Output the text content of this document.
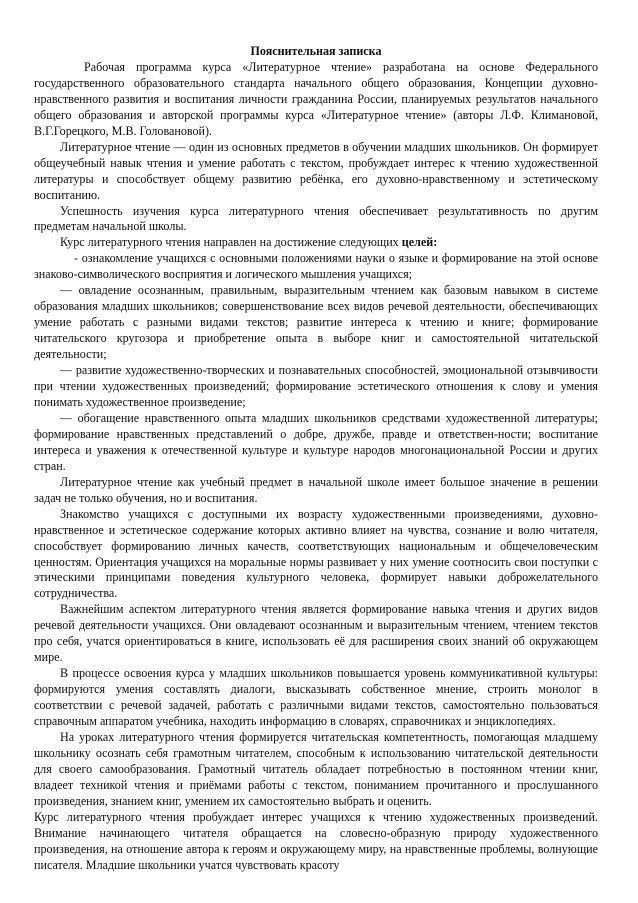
Пояснительная записка

Рабочая программа курса «Литературное чтение» разработана на основе Федерального государственного образовательного стандарта начального общего образования, Концепции духовно-нравственного развития и воспитания личности гражданина России, планируемых результатов начального общего образования и авторской программы курса «Литературное чтение» (авторы Л.Ф. Климановой, В.Г.Горецкого, М.В. Головановой).

Литературное чтение — один из основных предметов в обучении младших школьников. Он формирует общеучебный навык чтения и умение работать с текстом, пробуждает интерес к чтению художественной литературы и способствует общему развитию ребёнка, его духовно-нравственному и эстетическому воспитанию.

Успешность изучения курса литературного чтения обеспечивает результативность по другим предметам начальной школы.

Курс литературного чтения направлен на достижение следующих целей:

- ознакомление учащихся с основными положениями науки о языке и формирование на этой основе знаково-символического восприятия и логического мышления учащихся;

— овладение осознанным, правильным, выразительным чтением как базовым навыком в системе образования младших школьников; совершенствование всех видов речевой деятельности, обеспечивающих умение работать с разными видами текстов; развитие интереса к чтению и книге; формирование читательского кругозора и приобретение опыта в выборе книг и самостоятельной читательской деятельности;

— развитие художественно-творческих и познавательных способностей, эмоциональной отзывчивости при чтении художественных произведений; формирование эстетического отношения к слову и умения понимать художественное произведение;

— обогащение нравственного опыта младших школьников средствами художественной литературы; формирование нравственных представлений о добре, дружбе, правде и ответствен-ности; воспитание интереса и уважения к отечественной культуре и культуре народов многонациональной России и других стран.

Литературное чтение как учебный предмет в начальной школе имеет большое значение в решении задач не только обучения, но и воспитания.

Знакомство учащихся с доступными их возрасту художественными произведениями, духовно-нравственное и эстетическое содержание которых активно влияет на чувства, сознание и волю читателя, способствует формированию личных качеств, соответствующих национальным и общечеловеческим ценностям. Ориентация учащихся на моральные нормы развивает у них умение соотносить свои поступки с этическими принципами поведения культурного человека, формирует навыки доброжелательного сотрудничества.

Важнейшим аспектом литературного чтения является формирование навыка чтения и других видов речевой деятельности учащихся. Они овладевают осознанным и выразительным чтением, чтением текстов про себя, учатся ориентироваться в книге, использовать её для расширения своих знаний об окружающем мире.

В процессе освоения курса у младших школьников повышается уровень коммуникативной культуры: формируются умения составлять диалоги, высказывать собственное мнение, строить монолог в соответствии с речевой задачей, работать с различными видами текстов, самостоятельно пользоваться справочным аппаратом учебника, находить информацию в словарях, справочниках и энциклопедиях.

На уроках литературного чтения формируется читательская компетентность, помогающая младшему школьнику осознать себя грамотным читателем, способным к использованию читательской деятельности для своего самообразования. Грамотный читатель обладает потребностью в постоянном чтении книг, владеет техникой чтения и приёмами работы с текстом, пониманием прочитанного и прослушанного произведения, знанием книг, умением их самостоятельно выбрать и оценить.

Курс литературного чтения пробуждает интерес учащихся к чтению художественных произведений. Внимание начинающего читателя обращается на словесно-образную природу художественного произведения, на отношение автора к героям и окружающему миру, на нравственные проблемы, волнующие писателя. Младшие школьники учатся чувствовать красоту
